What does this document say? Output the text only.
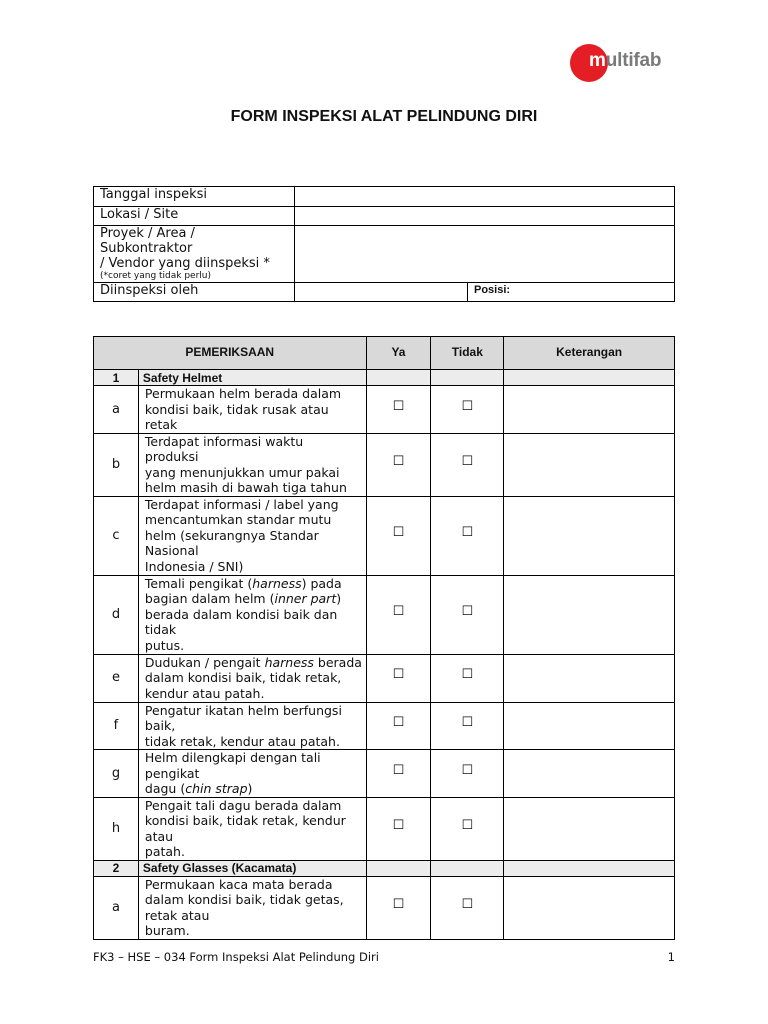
multifab
FORM INSPEKSI ALAT PELINDUNG DIRI
Tanggal inspeksi		
Lokasi / Site		

Proyek / Area /
Subkontraktor
/ Vendor yang diinspeksi *
(*coret yang tidak perlu)		

Diinspeksi oleh		Posisi:
PEMERIKSAAN		Ya	Tidak	Keterangan
1	Safety Helmet			
a	Permukaan helm berada dalam
kondisi baik, tidak rusak atau
retak	☐	☐	
b	Terdapat informasi waktu
produksi
yang menunjukkan umur pakai
helm masih di bawah tiga tahun	☐	☐	
c	Terdapat informasi / label yang
mencantumkan standar mutu
helm (sekurangnya Standar
Nasional
Indonesia / SNI)	☐	☐	
d	Temali pengikat (harness) pada
bagian dalam helm (inner part)
berada dalam kondisi baik dan
tidak
putus.	☐	☐	
e	Dudukan / pengait harness berada
dalam kondisi baik, tidak retak,
kendur atau patah.	☐	☐	
f	Pengatur ikatan helm berfungsi
baik,
tidak retak, kendur atau patah.	☐	☐	
g	Helm dilengkapi dengan tali
pengikat
dagu (chin strap)	☐	☐	
h	Pengait tali dagu berada dalam
kondisi baik, tidak retak, kendur
atau
patah.	☐	☐	
2	Safety Glasses (Kacamata)			
a	Permukaan kaca mata berada
dalam kondisi baik, tidak getas,
retak atau
buram.	☐	☐	
FK3 – HSE – 034 Form Inspeksi Alat Pelindung Diri	1
